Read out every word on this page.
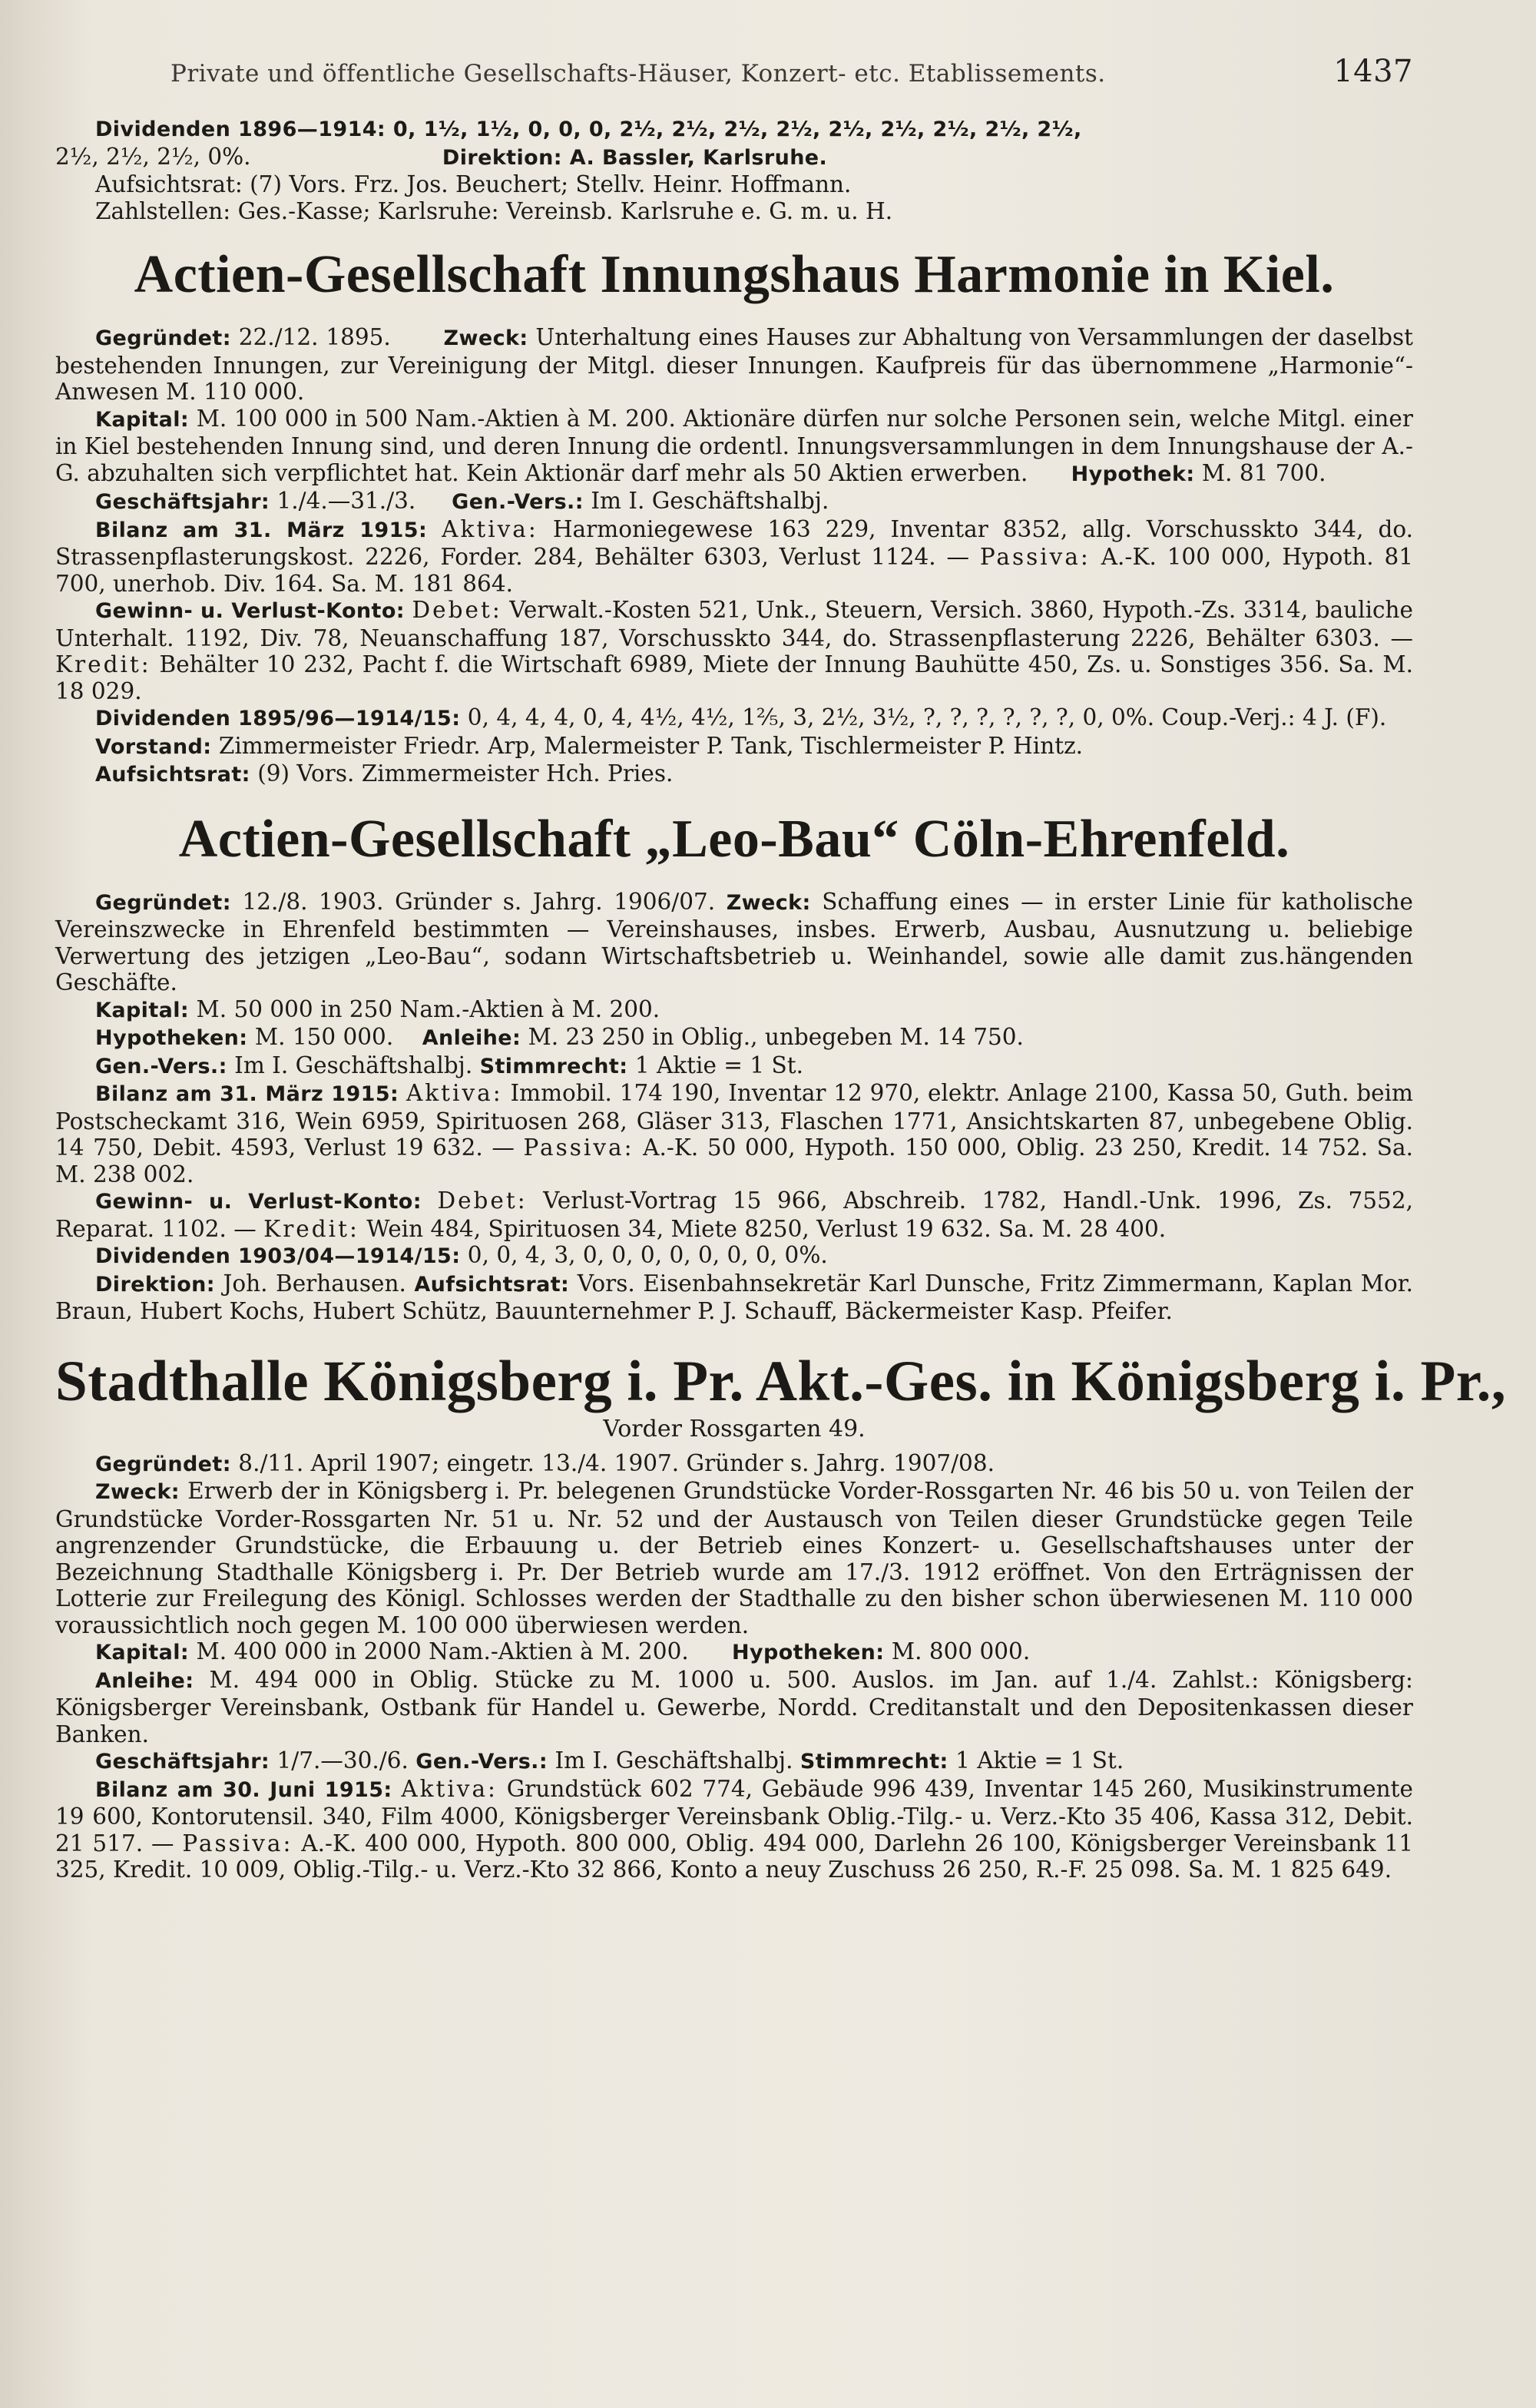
Private und öffentliche Gesellschafts-Häuser, Konzert- etc. Etablissements.	1437

Dividenden 1896—1914: 0, 1½, 1½, 0, 0, 0, 2½, 2½, 2½, 2½, 2½, 2½, 2½, 2½, 2½,

2½, 2½, 2½, 0%.	Direktion: A. Bassler, Karlsruhe.

Aufsichtsrat: (7) Vors. Frz. Jos. Beuchert; Stellv. Heinr. Hoffmann.

Zahlstellen: Ges.-Kasse; Karlsruhe: Vereinsb. Karlsruhe e. G. m. u. H.

Actien-Gesellschaft Innungshaus Harmonie in Kiel.

Gegründet: 22./12. 1895.	Zweck: Unterhaltung eines Hauses zur Abhaltung von Versammlungen der daselbst bestehenden Innungen, zur Vereinigung der Mitgl. dieser Innungen. Kaufpreis für das übernommene „Harmonie“-Anwesen M. 110 000.

Kapital: M. 100 000 in 500 Nam.-Aktien à M. 200. Aktionäre dürfen nur solche Personen sein, welche Mitgl. einer in Kiel bestehenden Innung sind, und deren Innung die ordentl. Innungsversammlungen in dem Innungshause der A.-G. abzuhalten sich verpflichtet hat. Kein Aktionär darf mehr als 50 Aktien erwerben. Hypothek: M. 81 700.

Geschäftsjahr: 1./4.—31./3. Gen.-Vers.: Im I. Geschäftshalbj.

Bilanz am 31. März 1915: Aktiva: Harmoniegewese 163 229, Inventar 8352, allg. Vorschusskto 344, do. Strassenpflasterungskost. 2226, Forder. 284, Behälter 6303, Verlust 1124. — Passiva: A.-K. 100 000, Hypoth. 81 700, unerhob. Div. 164. Sa. M. 181 864.

Gewinn- u. Verlust-Konto: Debet: Verwalt.-Kosten 521, Unk., Steuern, Versich. 3860, Hypoth.-Zs. 3314, bauliche Unterhalt. 1192, Div. 78, Neuanschaffung 187, Vorschusskto 344, do. Strassenpflasterung 2226, Behälter 6303. — Kredit: Behälter 10 232, Pacht f. die Wirtschaft 6989, Miete der Innung Bauhütte 450, Zs. u. Sonstiges 356. Sa. M. 18 029.

Dividenden 1895/96—1914/15: 0, 4, 4, 4, 0, 4, 4½, 4½, 1⅖, 3, 2½, 3½, ?, ?, ?, ?, ?, ?, 0, 0%. Coup.-Verj.: 4 J. (F).

Vorstand: Zimmermeister Friedr. Arp, Malermeister P. Tank, Tischlermeister P. Hintz.

Aufsichtsrat: (9) Vors. Zimmermeister Hch. Pries.

Actien-Gesellschaft „Leo-Bau“ Cöln-Ehrenfeld.

Gegründet: 12./8. 1903. Gründer s. Jahrg. 1906/07. Zweck: Schaffung eines — in erster Linie für katholische Vereinszwecke in Ehrenfeld bestimmten — Vereinshauses, insbes. Erwerb, Ausbau, Ausnutzung u. beliebige Verwertung des jetzigen „Leo-Bau“, sodann Wirtschaftsbetrieb u. Weinhandel, sowie alle damit zus.hängenden Geschäfte.

Kapital: M. 50 000 in 250 Nam.-Aktien à M. 200.

Hypotheken: M. 150 000. Anleihe: M. 23 250 in Oblig., unbegeben M. 14 750.

Gen.-Vers.: Im I. Geschäftshalbj. Stimmrecht: 1 Aktie = 1 St.

Bilanz am 31. März 1915: Aktiva: Immobil. 174 190, Inventar 12 970, elektr. Anlage 2100, Kassa 50, Guth. beim Postscheckamt 316, Wein 6959, Spirituosen 268, Gläser 313, Flaschen 1771, Ansichtskarten 87, unbegebene Oblig. 14 750, Debit. 4593, Verlust 19 632. — Passiva: A.-K. 50 000, Hypoth. 150 000, Oblig. 23 250, Kredit. 14 752. Sa. M. 238 002.

Gewinn- u. Verlust-Konto: Debet: Verlust-Vortrag 15 966, Abschreib. 1782, Handl.-Unk. 1996, Zs. 7552, Reparat. 1102. — Kredit: Wein 484, Spirituosen 34, Miete 8250, Verlust 19 632. Sa. M. 28 400.

Dividenden 1903/04—1914/15: 0, 0, 4, 3, 0, 0, 0, 0, 0, 0, 0, 0%.

Direktion: Joh. Berhausen. Aufsichtsrat: Vors. Eisenbahnsekretär Karl Dunsche, Fritz Zimmermann, Kaplan Mor. Braun, Hubert Kochs, Hubert Schütz, Bauunternehmer P. J. Schauff, Bäckermeister Kasp. Pfeifer.

Stadthalle Königsberg i. Pr. Akt.-Ges. in Königsberg i. Pr.,
Vorder Rossgarten 49.

Gegründet: 8./11. April 1907; eingetr. 13./4. 1907. Gründer s. Jahrg. 1907/08.

Zweck: Erwerb der in Königsberg i. Pr. belegenen Grundstücke Vorder-Rossgarten Nr. 46 bis 50 u. von Teilen der Grundstücke Vorder-Rossgarten Nr. 51 u. Nr. 52 und der Austausch von Teilen dieser Grundstücke gegen Teile angrenzender Grundstücke, die Erbauung u. der Betrieb eines Konzert- u. Gesellschaftshauses unter der Bezeichnung Stadthalle Königsberg i. Pr. Der Betrieb wurde am 17./3. 1912 eröffnet. Von den Erträgnissen der Lotterie zur Freilegung des Königl. Schlosses werden der Stadthalle zu den bisher schon überwiesenen M. 110 000 voraussichtlich noch gegen M. 100 000 überwiesen werden.

Kapital: M. 400 000 in 2000 Nam.-Aktien à M. 200. Hypotheken: M. 800 000.

Anleihe: M. 494 000 in Oblig. Stücke zu M. 1000 u. 500. Auslos. im Jan. auf 1./4. Zahlst.: Königsberg: Königsberger Vereinsbank, Ostbank für Handel u. Gewerbe, Nordd. Creditanstalt und den Depositenkassen dieser Banken.

Geschäftsjahr: 1/7.—30./6. Gen.-Vers.: Im I. Geschäftshalbj. Stimmrecht: 1 Aktie = 1 St.

Bilanz am 30. Juni 1915: Aktiva: Grundstück 602 774, Gebäude 996 439, Inventar 145 260, Musikinstrumente 19 600, Kontorutensil. 340, Film 4000, Königsberger Vereinsbank Oblig.-Tilg.- u. Verz.-Kto 35 406, Kassa 312, Debit. 21 517. — Passiva: A.-K. 400 000, Hypoth. 800 000, Oblig. 494 000, Darlehn 26 100, Königsberger Vereinsbank 11 325, Kredit. 10 009, Oblig.-Tilg.- u. Verz.-Kto 32 866, Konto a neuy Zuschuss 26 250, R.-F. 25 098. Sa. M. 1 825 649.
